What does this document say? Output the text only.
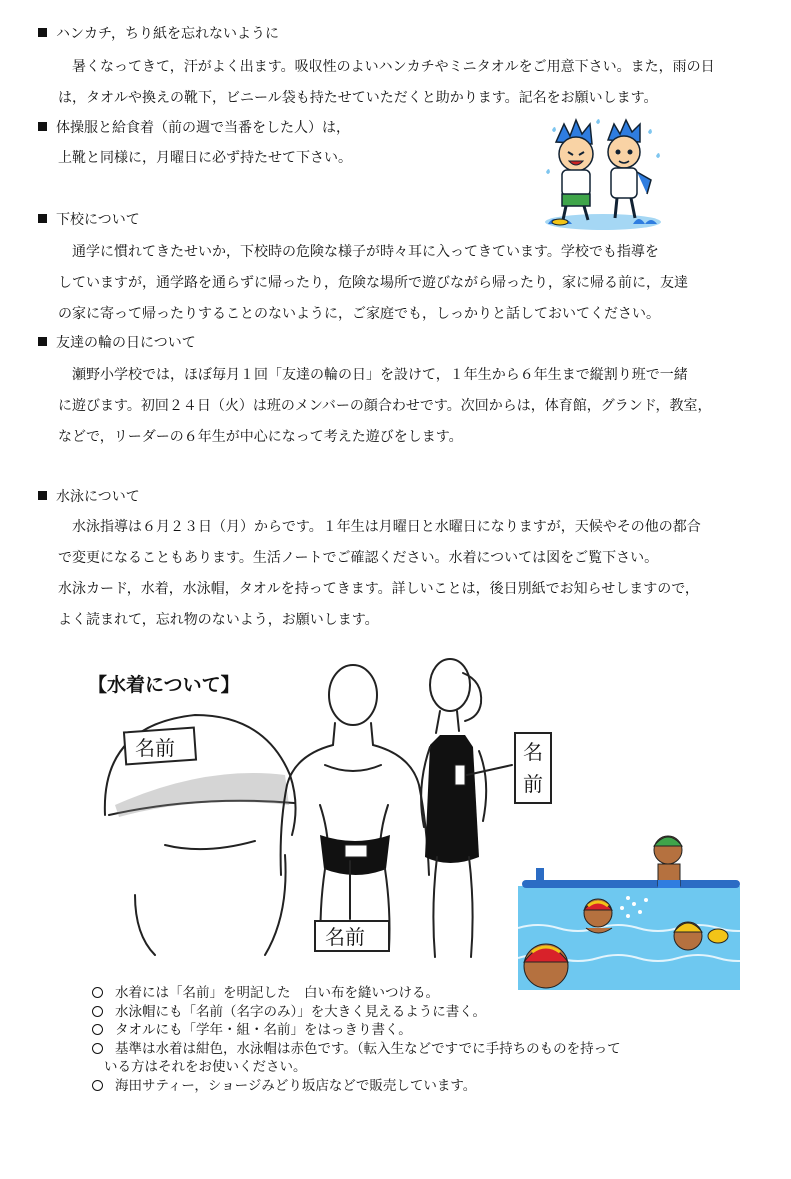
ハンカチ，ちり紙を忘れないように
暑くなってきて，汗がよく出ます。吸収性のよいハンカチやミニタオルをご用意下さい。また，雨の日
は，タオルや換えの靴下，ビニール袋も持たせていただくと助かります。記名をお願いします。
体操服と給食着（前の週で当番をした人）は，
上靴と同様に，月曜日に必ず持たせて下さい。
下校について
通学に慣れてきたせいか，下校時の危険な様子が時々耳に入ってきています。学校でも指導を
していますが，通学路を通らずに帰ったり，危険な場所で遊びながら帰ったり，家に帰る前に，友達
の家に寄って帰ったりすることのないように，ご家庭でも，しっかりと話しておいてください。
友達の輪の日について
瀬野小学校では，ほぼ毎月１回「友達の輪の日」を設けて，１年生から６年生まで縦割り班で一緒
に遊びます。初回２４日（火）は班のメンバーの顔合わせです。次回からは，体育館，グランド，教室，
などで，リーダーの６年生が中心になって考えた遊びをします。
水泳について
水泳指導は６月２３日（月）からです。１年生は月曜日と水曜日になりますが，天候やその他の都合
で変更になることもあります。生活ノートでご確認ください。水着については図をご覧下さい。
水泳カード，水着，水泳帽，タオルを持ってきます。詳しいことは，後日別紙でお知らせしますので，
よく読まれて，忘れ物のないよう，お願いします。
【水着について】
名前	名
前
名前
水着には「名前」を明記した　白い布を縫いつける。
水泳帽にも「名前（名字のみ）」を大きく見えるように書く。
タオルにも「学年・組・名前」をはっきり書く。
基準は水着は紺色，水泳帽は赤色です。（転入生などですでに手持ちのものを持って
いる方はそれをお使いください。
海田サティー，ショージみどり坂店などで販売しています。
